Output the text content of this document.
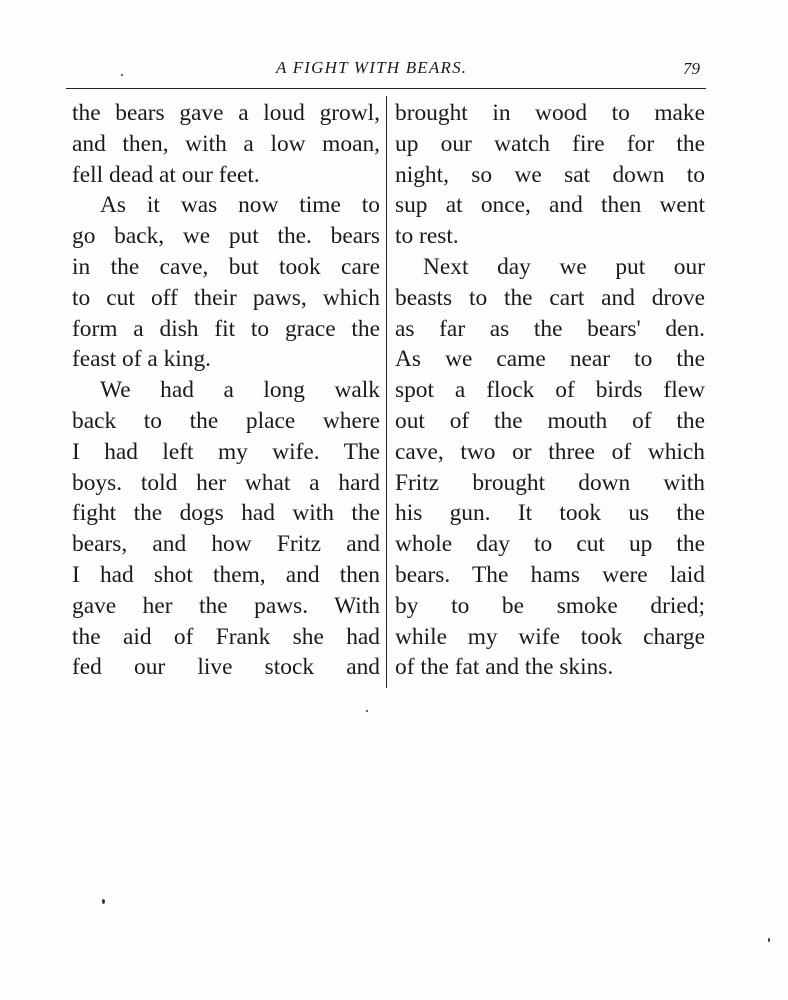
A FIGHT WITH BEARS.	79
the bears gave a loud growl,
and then, with a low moan,
fell dead at our feet.
As it was now time to
go back, we put the. bears
in the cave, but took care
to cut off their paws, which
form a dish fit to grace the
feast of a king.
We had a long walk
back to the place where
I had left my wife. The
boys. told her what a hard
fight the dogs had with the
bears, and how Fritz and
I had shot them, and then
gave her the paws. With
the aid of Frank she had
fed our live stock and
brought in wood to make
up our watch fire for the
night, so we sat down to
sup at once, and then went
to rest.
Next day we put our
beasts to the cart and drove
as far as the bears' den.
As we came near to the
spot a flock of birds flew
out of the mouth of the
cave, two or three of which
Fritz brought down with
his gun. It took us the
whole day to cut up the
bears. The hams were laid
by to be smoke dried;
while my wife took charge
of the fat and the skins.
